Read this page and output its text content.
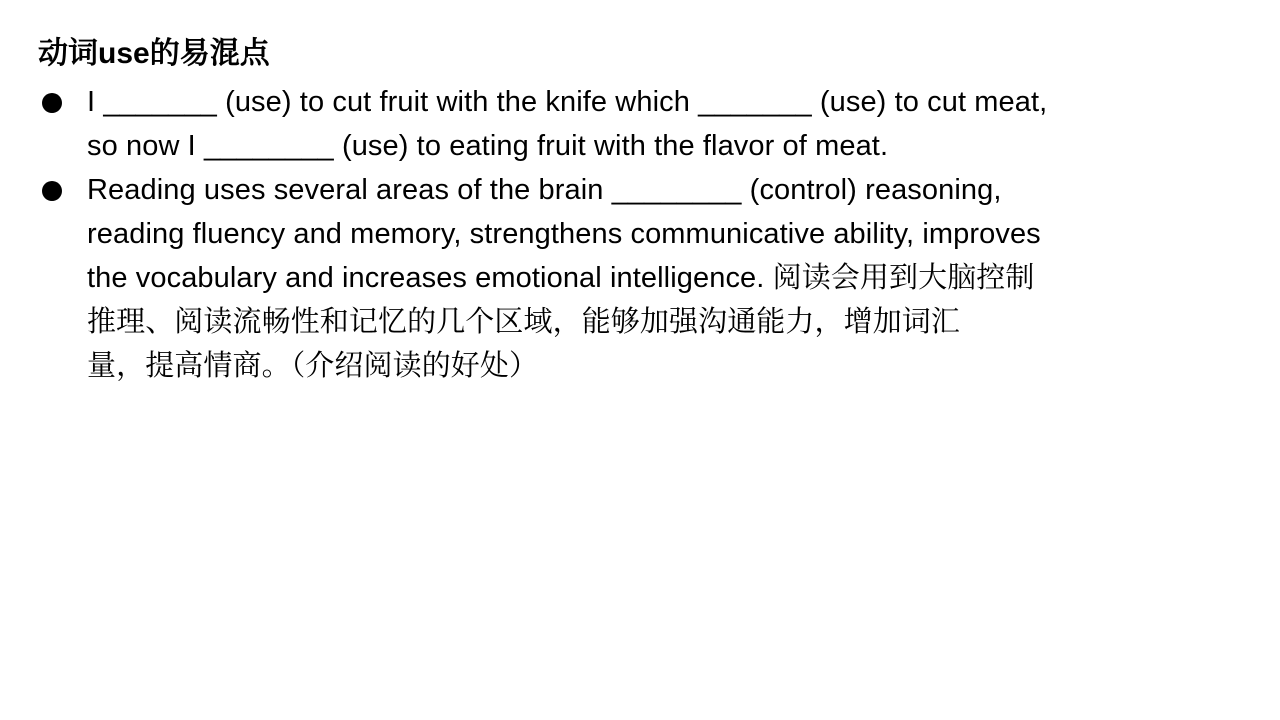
动词use的易混点
I _______ (use) to cut fruit with the knife which _______ (use) to cut meat,
so now I ________ (use) to eating fruit with the flavor of meat.
Reading uses several areas of the brain ________ (control) reasoning,
reading fluency and memory, strengthens communicative ability, improves
the vocabulary and increases emotional intelligence. 阅读会用到大脑控制
推理、阅读流畅性和记忆的几个区域，能够加强沟通能力，增加词汇
量，提高情商。（介绍阅读的好处）
